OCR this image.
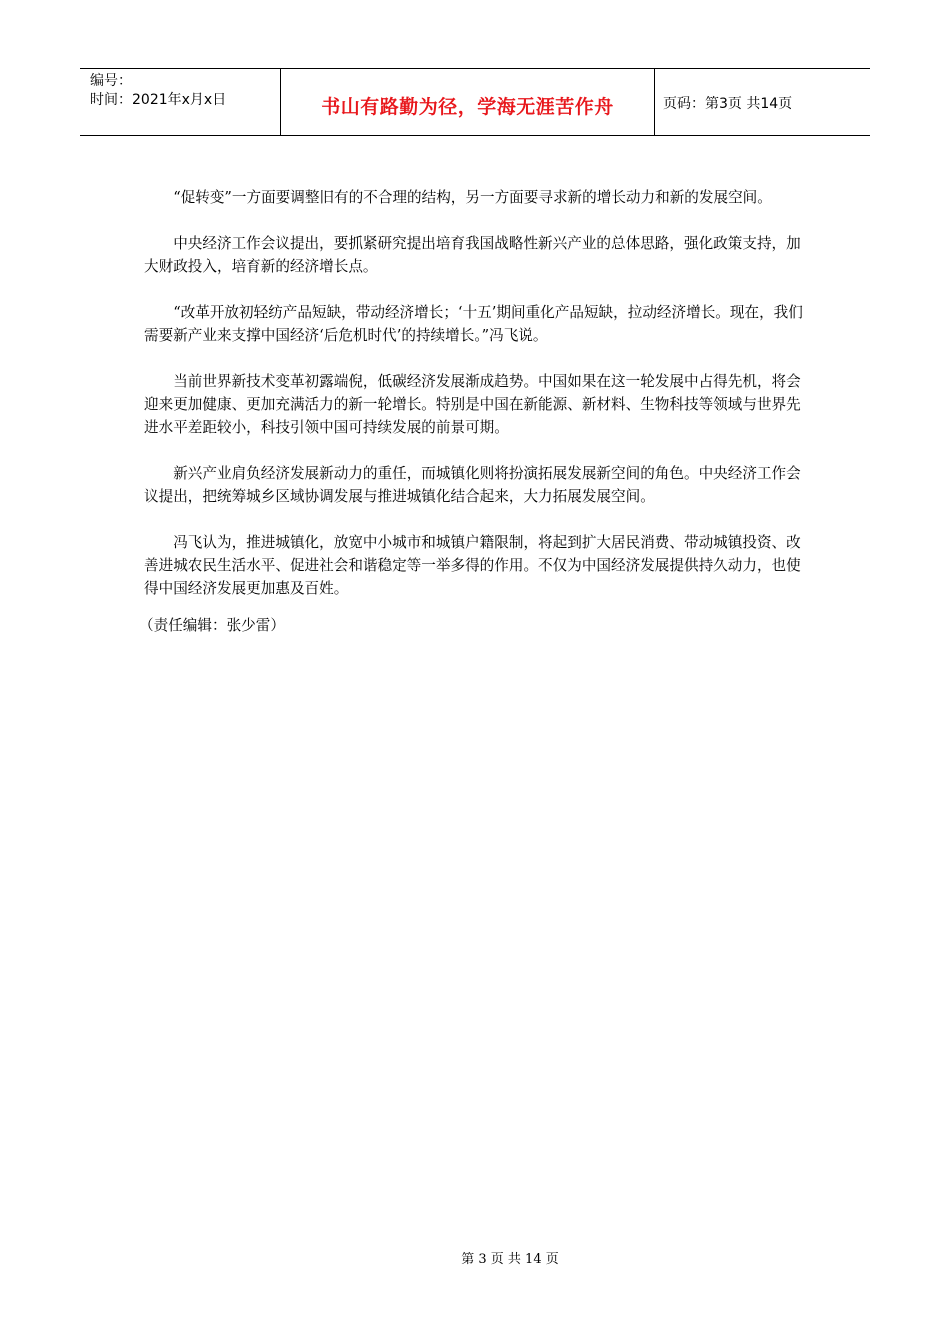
编号：
时间：2021年x月x日	书山有路勤为径，学海无涯苦作舟	页码：第3页 共14页

“促转变”一方面要调整旧有的不合理的结构，另一方面要寻求新的增长动力和新的发展空间。

中央经济工作会议提出，要抓紧研究提出培育我国战略性新兴产业的总体思路，强化政策支持，加大财政投入，培育新的经济增长点。

“改革开放初轻纺产品短缺，带动经济增长；‘十五’期间重化产品短缺，拉动经济增长。现在，我们需要新产业来支撑中国经济‘后危机时代’的持续增长。”冯飞说。

当前世界新技术变革初露端倪，低碳经济发展渐成趋势。中国如果在这一轮发展中占得先机，将会迎来更加健康、更加充满活力的新一轮增长。特别是中国在新能源、新材料、生物科技等领域与世界先进水平差距较小，科技引领中国可持续发展的前景可期。

新兴产业肩负经济发展新动力的重任，而城镇化则将扮演拓展发展新空间的角色。中央经济工作会议提出，把统筹城乡区域协调发展与推进城镇化结合起来，大力拓展发展空间。

冯飞认为，推进城镇化，放宽中小城市和城镇户籍限制，将起到扩大居民消费、带动城镇投资、改善进城农民生活水平、促进社会和谐稳定等一举多得的作用。不仅为中国经济发展提供持久动力，也使得中国经济发展更加惠及百姓。

（责任编辑：张少雷）

第 3 页 共 14 页
